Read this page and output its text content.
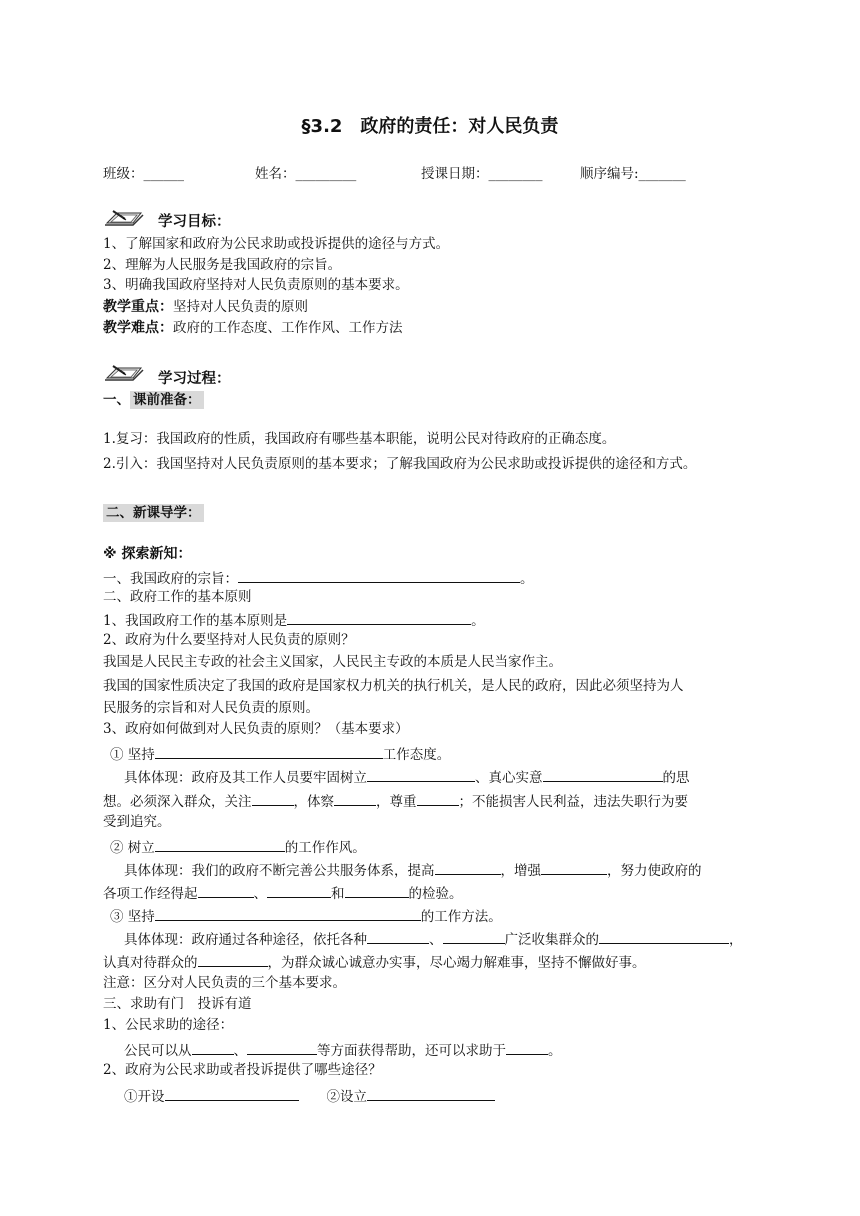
§3.2　政府的责任：对人民负责
班级：______	姓名：_________	授课日期：________	顺序编号:_______
学习目标：
1、了解国家和政府为公民求助或投诉提供的途径与方式。
2、理解为人民服务是我国政府的宗旨。
3、明确我国政府坚持对人民负责原则的基本要求。
教学重点：坚持对人民负责的原则
教学难点：政府的工作态度、工作作风、工作方法
学习过程：
一、 课前准备：
1.复习：我国政府的性质，我国政府有哪些基本职能，说明公民对待政府的正确态度。
2.引入：我国坚持对人民负责原则的基本要求；了解我国政府为公民求助或投诉提供的途径和方式。
二、新课导学：
※ 探索新知：
一、我国政府的宗旨：	。
二、政府工作的基本原则
1、我国政府工作的基本原则是	。
2、政府为什么要坚持对人民负责的原则？
我国是人民民主专政的社会主义国家，人民民主专政的本质是人民当家作主。
我国的国家性质决定了我国的政府是国家权力机关的执行机关，是人民的政府，因此必须坚持为人
民服务的宗旨和对人民负责的原则。
3、政府如何做到对人民负责的原则？（基本要求）
① 坚持	工作态度。
具体体现：政府及其工作人员要牢固树立	、真心实意	的思
想。必须深入群众，关注	，体察	，尊重	；不能损害人民利益，违法失职行为要
受到追究。
② 树立	的工作作风。
具体体现：我们的政府不断完善公共服务体系，提高	，增强	，努力使政府的
各项工作经得起	、	和	的检验。
③ 坚持	的工作方法。
具体体现：政府通过各种途径，依托各种	、	广泛收集群众的	，
认真对待群众的	，为群众诚心诚意办实事，尽心竭力解难事，坚持不懈做好事。
注意：区分对人民负责的三个基本要求。
三、求助有门　投诉有道
1、公民求助的途径：
公民可以从	、	等方面获得帮助，还可以求助于	。
2、政府为公民求助或者投诉提供了哪些途径？
①开设	②设立
